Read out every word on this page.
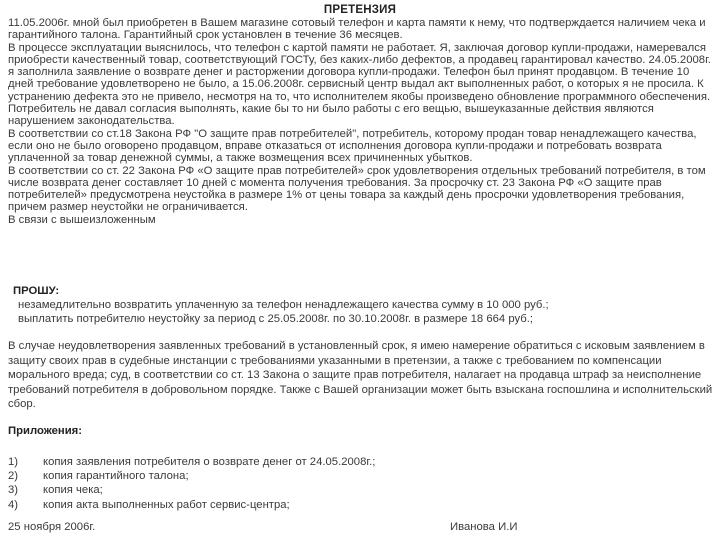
ПРЕТЕНЗИЯ

11.05.2006г. мной был приобретен в Вашем магазине сотовый телефон и карта памяти к нему, что подтверждается наличием чека и гарантийного талона. Гарантийный срок установлен в течение 36 месяцев.

В процессе эксплуатации выяснилось, что телефон с картой памяти не работает. Я, заключая договор купли-продажи, намеревался приобрести качественный товар, соответствующий ГОСТу, без каких-либо дефектов, а продавец гарантировал качество. 24.05.2008г. я заполнила заявление о возврате денег и расторжении договора купли-продажи. Телефон был принят продавцом. В течение 10 дней требование удовлетворено не было, а 15.06.2008г. сервисный центр выдал акт выполненных работ, о которых я не просила. К устранению дефекта это не привело, несмотря на то, что исполнителем якобы произведено обновление программного обеспечения. Потребитель не давал согласия выполнять, какие бы то ни было работы с его вещью, вышеуказанные действия являются нарушением законодательства.

В соответствии со ст.18 Закона РФ "О защите прав потребителей", потребитель, которому продан товар ненадлежащего качества, если оно не было оговорено продавцом, вправе отказаться от исполнения договора купли-продажи и потребовать возврата уплаченной за товар денежной суммы, а также возмещения всех причиненных убытков.

В соответствии со ст. 22 Закона РФ «О защите прав потребителей» срок удовлетворения отдельных требований потребителя, в том числе возврата денег составляет 10 дней с момента получения требования. За просрочку ст. 23 Закона РФ «О защите прав потребителей» предусмотрена неустойка в размере 1% от цены товара за каждый день просрочки удовлетворения требования, причем размер неустойки не ограничивается.

В связи с вышеизложенным

ПРОШУ:
незамедлительно возвратить уплаченную за телефон ненадлежащего качества сумму в 10 000 руб.;
выплатить потребителю неустойку за период с 25.05.2008г. по 30.10.2008г. в размере 18 664 руб.;
В случае неудовлетворения заявленных требований в установленный срок, я имею намерение обратиться с исковым заявлением в защиту своих прав в судебные инстанции с требованиями указанными в претензии, а также с требованием по компенсации морального вреда; суд, в соответствии со ст. 13 Закона о защите прав потребителя, налагает на продавца штраф за неисполнение требований потребителя в добровольном порядке. Также с Вашей организации может быть взыскана госпошлина и исполнительский сбор.
Приложения:
1) копия заявления потребителя о возврате денег от 24.05.2008г.;
2) копия гарантийного талона;
3) копия чека;
4) копия акта выполненных работ сервис-центра;
25 ноября 2006г.	Иванова И.И
